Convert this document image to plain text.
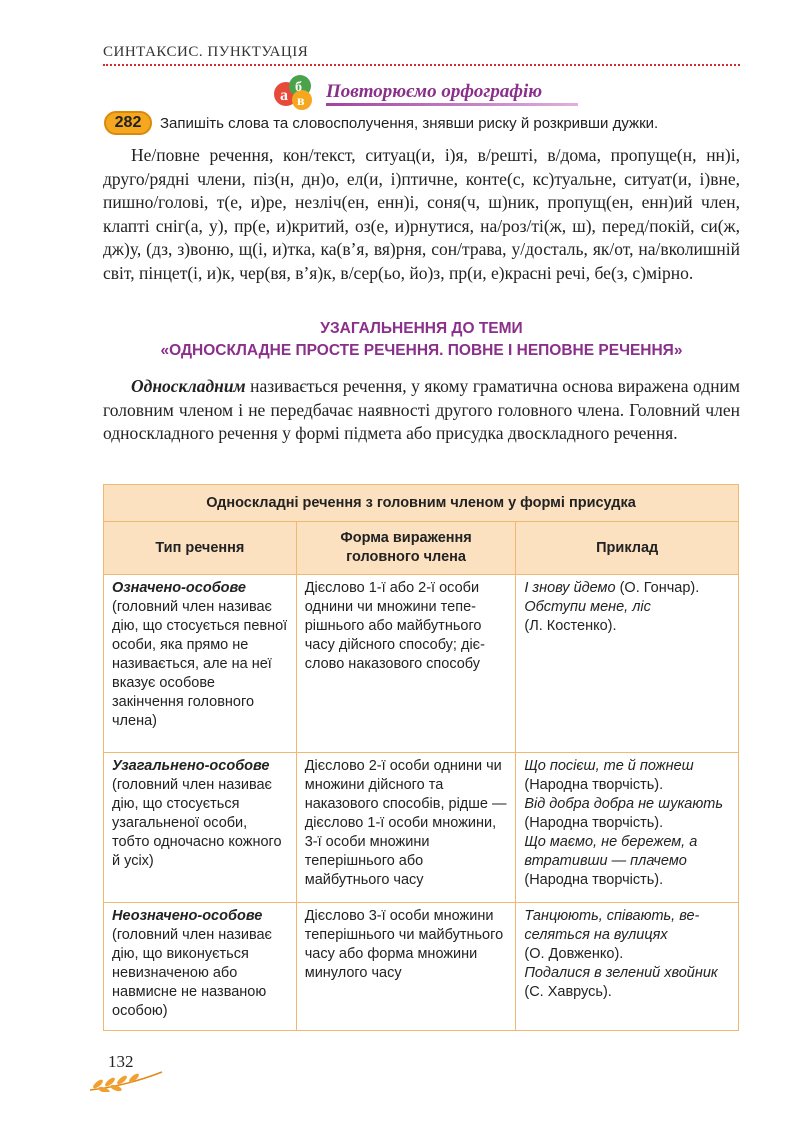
СИНТАКСИС. ПУНКТУАЦІЯ
а б
в Повторюємо орфографію
282	Запишіть слова та словосполучення, знявши риску й розкривши дужки.

Не/повне речення, кон/текст, ситуац(и, і)я, в/решті, в/дома, пропущe(н, нн)і, друго/рядні члени, піз(н, дн)о, ел(и, і)птичне, конте(с, кс)туальне, ситуат(и, і)вне, пишно/голові, т(е, и)ре, незліч(ен, енн)і, соня(ч, ш)ник, пропущ(ен, енн)ий член, клапті сніг(а, у), пр(е, и)критий, оз(е, и)рнутися, на/роз/ті(ж, ш), перед/покій, си(ж, дж)у, (дз, з)воню, щ(і, и)тка, ка(в’я, вя)рня, сон/трава, у/досталь, як/от, на/вколишній світ, пінцет(і, и)к, чер(вя, в’я)к, в/сер(ьо, йо)з, пр(и, е)красні речі, бе(з, с)мірно.

УЗАГАЛЬНЕННЯ ДО ТЕМИ
«ОДНОСКЛАДНЕ ПРОСТЕ РЕЧЕННЯ. ПОВНЕ І НЕПОВНЕ РЕЧЕННЯ»

Односкладним називається речення, у якому граматична основа виражена одним головним членом і не передбачає наявності другого головного члена. Головний член односкладного речення у формі підмета або присудка двоскладного речення.

Односкладні речення з головним членом у формі присудка		
Тип речення	Форма вираження головного члена	Приклад
Означено-особове (головний член називає дію, що стосується певної особи, яка прямо не називається, але на неї вказує особове закінчення головного члена)	Дієслово 1-ї або 2-ї особи однини чи множини теперішнього або майбутнього часу дійсного способу; дієслово наказового способу	І знову йдемо (О. Гончар).
Обступи мене, ліс
(Л. Костенко).

Узагальнено-особове (головний член називає дію, що стосується узагальненої особи, тобто одночасно кожного й усіх)	Дієслово 2-ї особи однини чи множини дійсного та наказового способів, рідше — дієслово 1-ї особи множини, 3-ї особи множини теперішнього або майбутнього часу	Що посієш, те й пожнеш
(Народна творчість).
Від добра добра не шукають (Народна творчість).
Що маємо, не бережем, а втративши — плачемо
(Народна творчість).

Неозначено-особове (головний член називає дію, що виконується невизначеною або навмисне не названою особою)	Дієслово 3-ї особи множини теперішнього чи майбутнього часу або форма множини минулого часу	Танцюють, співають, веселяться на вулицях
(О. Довженко).
Подалися в зелений хвойник (С. Хаврусь).
132
